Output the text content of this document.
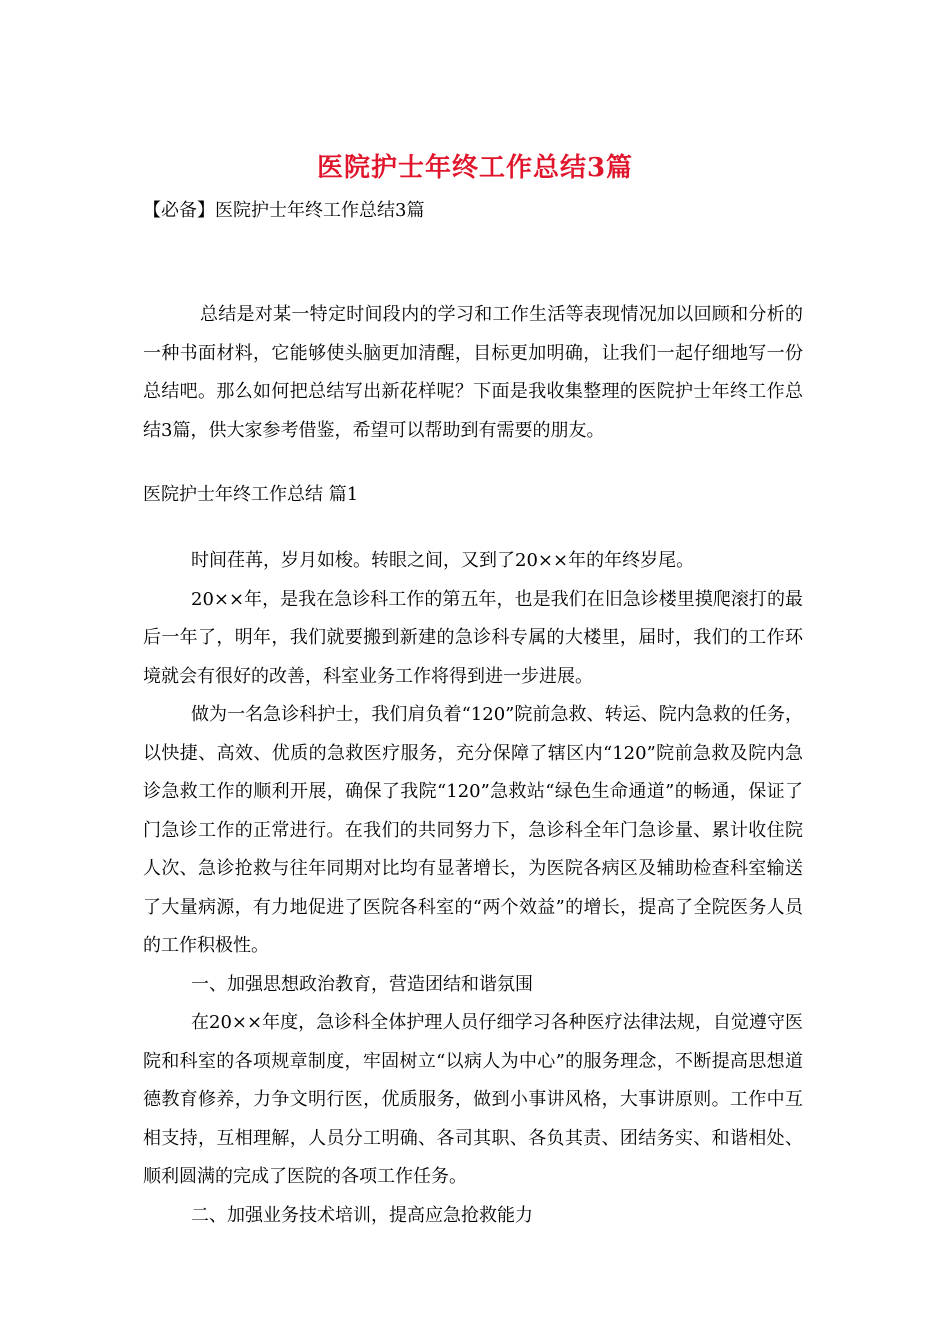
医院护士年终工作总结3篇
【必备】医院护士年终工作总结3篇

总结是对某一特定时间段内的学习和工作生活等表现情况加以回顾和分析的一种书面材料，它能够使头脑更加清醒，目标更加明确，让我们一起仔细地写一份总结吧。那么如何把总结写出新花样呢？下面是我收集整理的医院护士年终工作总结3篇，供大家参考借鉴，希望可以帮助到有需要的朋友。

医院护士年终工作总结 篇1

时间荏苒，岁月如梭。转眼之间，又到了20××年的年终岁尾。

20××年，是我在急诊科工作的第五年，也是我们在旧急诊楼里摸爬滚打的最后一年了，明年，我们就要搬到新建的急诊科专属的大楼里，届时，我们的工作环境就会有很好的改善，科室业务工作将得到进一步进展。

做为一名急诊科护士，我们肩负着“120”院前急救、转运、院内急救的任务，以快捷、高效、优质的急救医疗服务，充分保障了辖区内“120”院前急救及院内急诊急救工作的顺利开展，确保了我院“120”急救站“绿色生命通道”的畅通，保证了门急诊工作的正常进行。在我们的共同努力下，急诊科全年门急诊量、累计收住院人次、急诊抢救与往年同期对比均有显著增长，为医院各病区及辅助检查科室输送了大量病源，有力地促进了医院各科室的“两个效益”的增长，提高了全院医务人员的工作积极性。

一、加强思想政治教育，营造团结和谐氛围

在20××年度，急诊科全体护理人员仔细学习各种医疗法律法规，自觉遵守医院和科室的各项规章制度，牢固树立“以病人为中心”的服务理念，不断提高思想道德教育修养，力争文明行医，优质服务，做到小事讲风格，大事讲原则。工作中互相支持，互相理解，人员分工明确、各司其职、各负其责、团结务实、和谐相处、顺利圆满的完成了医院的各项工作任务。

二、加强业务技术培训，提高应急抢救能力
